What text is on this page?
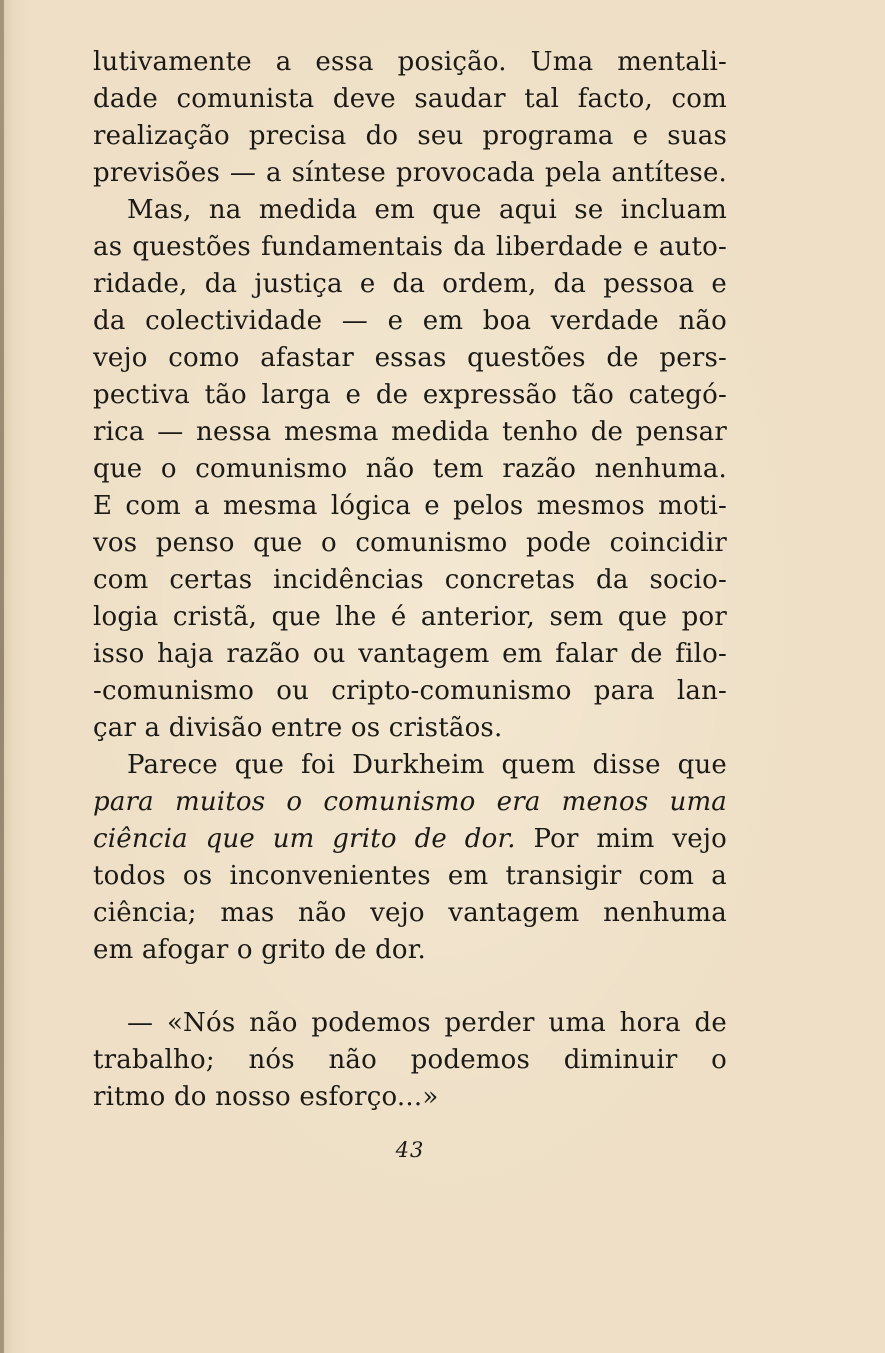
lutivamente a essa posição. Uma mentali-
dade comunista deve saudar tal facto, com
realização precisa do seu programa e suas
previsões — a síntese provocada pela antítese.
Mas, na medida em que aqui se incluam
as questões fundamentais da liberdade e auto-
ridade, da justiça e da ordem, da pessoa e
da colectividade — e em boa verdade não
vejo como afastar essas questões de pers-
pectiva tão larga e de expressão tão categó-
rica — nessa mesma medida tenho de pensar
que o comunismo não tem razão nenhuma.
E com a mesma lógica e pelos mesmos moti-
vos penso que o comunismo pode coincidir
com certas incidências concretas da socio-
logia cristã, que lhe é anterior, sem que por
isso haja razão ou vantagem em falar de filo-
-comunismo ou cripto-comunismo para lan-
çar a divisão entre os cristãos.
Parece que foi Durkheim quem disse que
para muitos o comunismo era menos uma
ciência que um grito de dor. Por mim vejo
todos os inconvenientes em transigir com a
ciência; mas não vejo vantagem nenhuma
em afogar o grito de dor.
— «Nós não podemos perder uma hora de
trabalho; nós não podemos diminuir o
ritmo do nosso esforço...»
43
